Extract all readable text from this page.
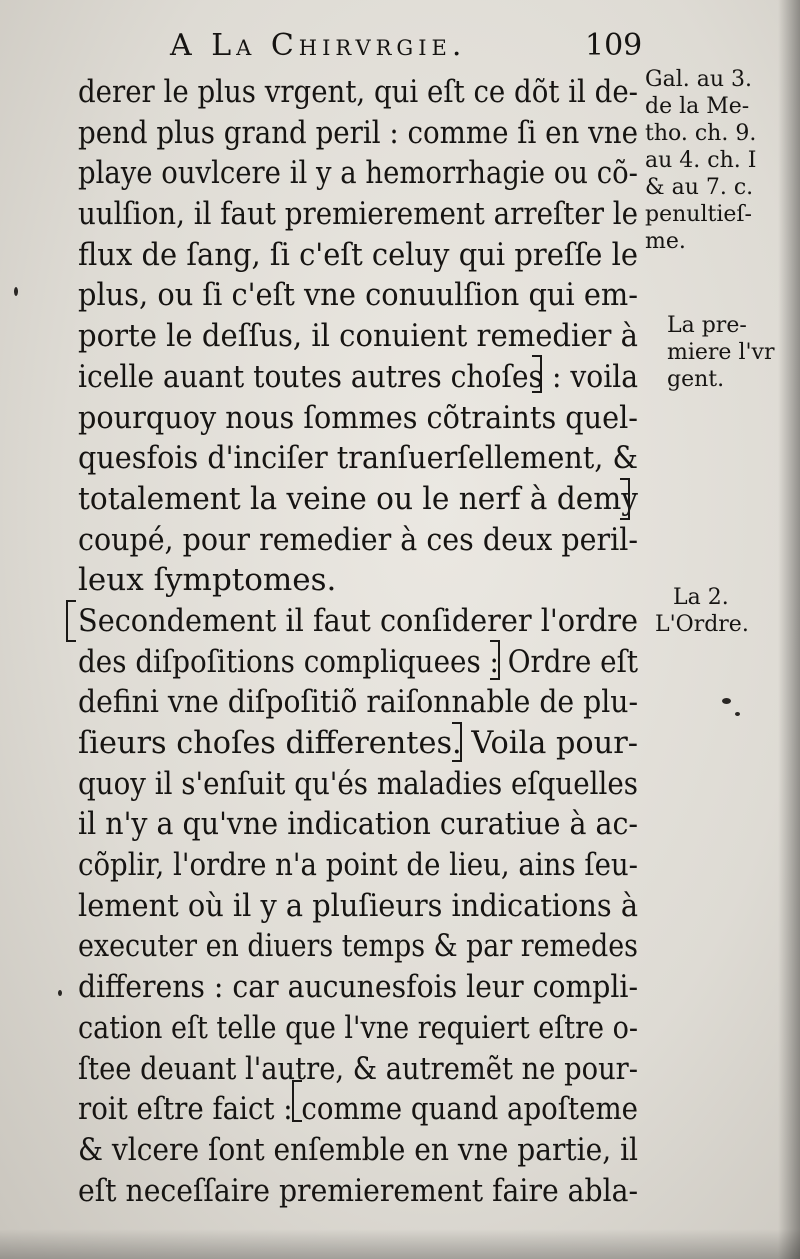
A La Chirvrgie.	109
derer le plus vrgent, qui eſt ce dõt il de-
pend plus grand peril : comme ſi en vne
playe ouvlcere il y a hemorrhagie ou cõ-
uulſion, il faut premierement arreſter le
flux de ſang, ſi c'eſt celuy qui preſſe le
plus, ou ſi c'eſt vne conuulſion qui em-
porte le deſſus, il conuient remedier à
icelle auant toutes autres choſes : voila
pourquoy nous ſommes cõtraints quel-
quesfois d'inciſer tranſuerſellement, &
totalement la veine ou le nerf à demy
coupé, pour remedier à ces deux peril-
leux ſymptomes.
Secondement il faut conſiderer l'ordre
des diſpoſitions compliquees : Ordre eſt
defini vne diſpoſitiõ raiſonnable de plu-
ſieurs choſes differentes. Voila pour-
quoy il s'enſuit qu'és maladies eſquelles
il n'y a qu'vne indication curatiue à ac-
cõplir, l'ordre n'a point de lieu, ains ſeu-
lement où il y a pluſieurs indications à
executer en diuers temps & par remedes
differens : car aucunesfois leur compli-
cation eſt telle que l'vne requiert eſtre o-
ſtee deuant l'autre, & autremẽt ne pour-
roit eſtre faict : comme quand apoſteme
& vlcere ſont enſemble en vne partie, il
eſt neceſſaire premierement faire abla-
Gal. au 3.
de la Me-
tho. ch. 9.
au 4. ch. I
& au 7. c.
penultieſ-
me.
La pre-
miere l'vr
gent.
La 2.
L'Ordre.
